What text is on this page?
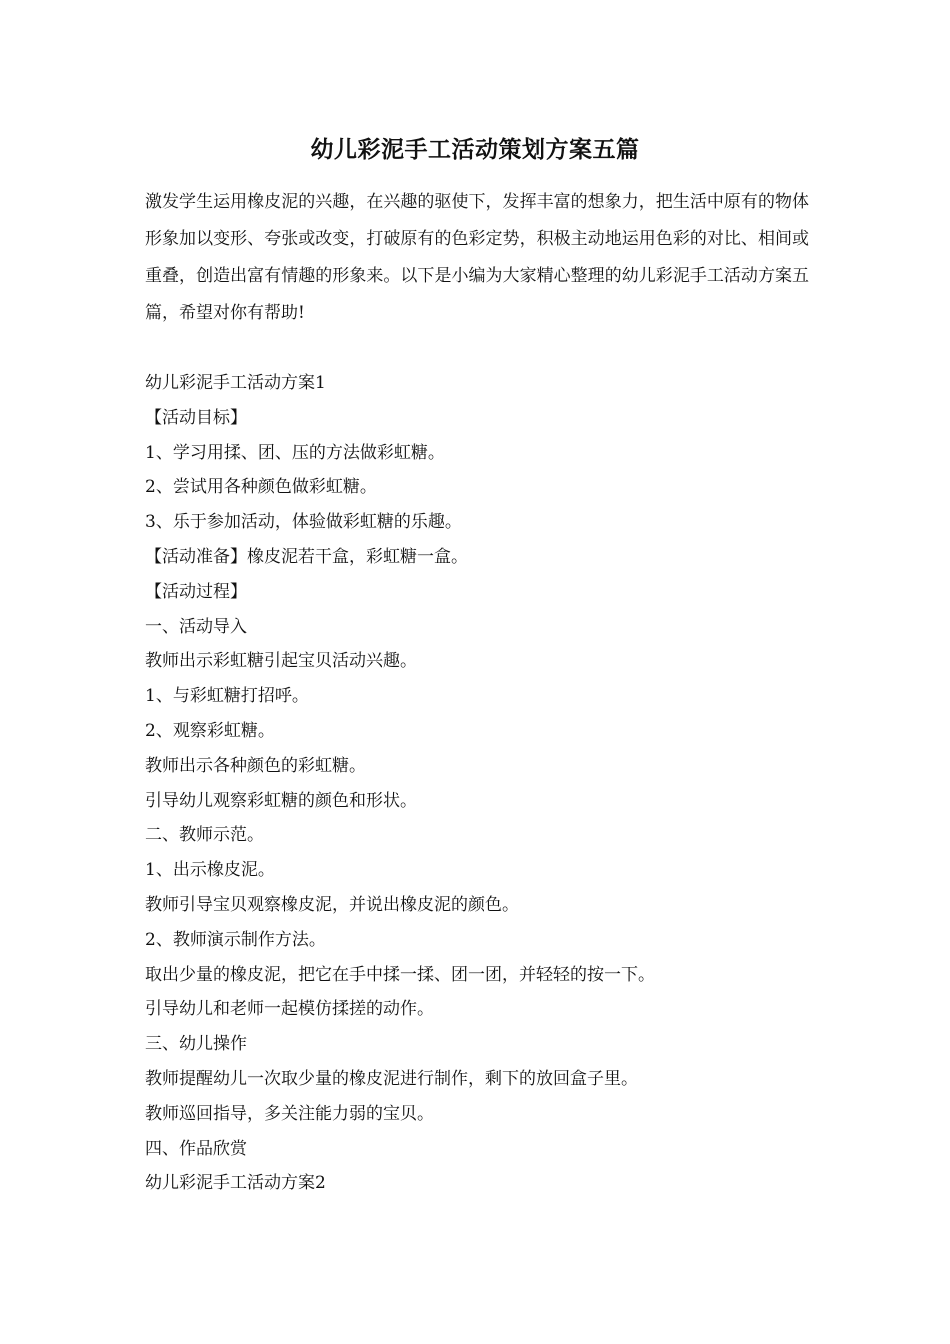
幼儿彩泥手工活动策划方案五篇

激发学生运用橡皮泥的兴趣，在兴趣的驱使下，发挥丰富的想象力，把生活中原有的物体形象加以变形、夸张或改变，打破原有的色彩定势，积极主动地运用色彩的对比、相间或重叠，创造出富有情趣的形象来。以下是小编为大家精心整理的幼儿彩泥手工活动方案五篇，希望对你有帮助!

幼儿彩泥手工活动方案1
【活动目标】
1、学习用揉、团、压的方法做彩虹糖。
2、尝试用各种颜色做彩虹糖。
3、乐于参加活动，体验做彩虹糖的乐趣。
【活动准备】橡皮泥若干盒，彩虹糖一盒。
【活动过程】
一、活动导入
教师出示彩虹糖引起宝贝活动兴趣。
1、与彩虹糖打招呼。
2、观察彩虹糖。
教师出示各种颜色的彩虹糖。
引导幼儿观察彩虹糖的颜色和形状。
二、教师示范。
1、出示橡皮泥。
教师引导宝贝观察橡皮泥，并说出橡皮泥的颜色。
2、教师演示制作方法。
取出少量的橡皮泥，把它在手中揉一揉、团一团，并轻轻的按一下。
引导幼儿和老师一起模仿揉搓的动作。
三、幼儿操作
教师提醒幼儿一次取少量的橡皮泥进行制作，剩下的放回盒子里。
教师巡回指导，多关注能力弱的宝贝。
四、作品欣赏
幼儿彩泥手工活动方案2
